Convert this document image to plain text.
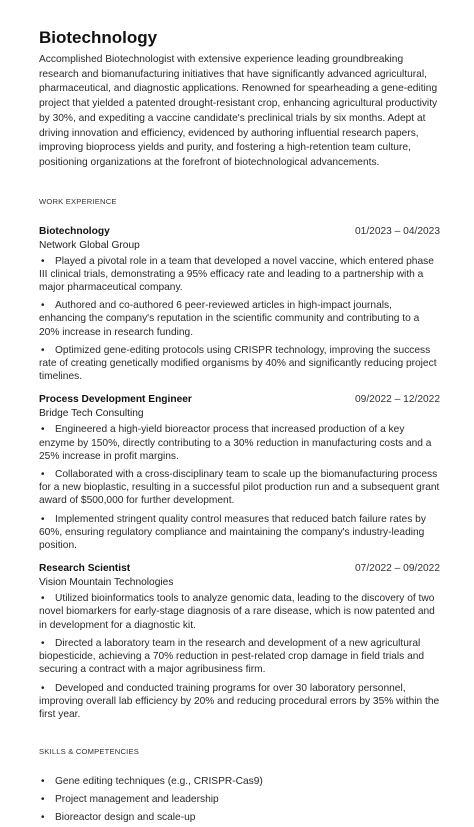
Biotechnology

Accomplished Biotechnologist with extensive experience leading groundbreaking research and biomanufacturing initiatives that have significantly advanced agricultural, pharmaceutical, and diagnostic applications. Renowned for spearheading a gene-editing project that yielded a patented drought-resistant crop, enhancing agricultural productivity by 30%, and expediting a vaccine candidate's preclinical trials by six months. Adept at driving innovation and efficiency, evidenced by authoring influential research papers, improving bioprocess yields and purity, and fostering a high-retention team culture, positioning organizations at the forefront of biotechnological advancements.

WORK EXPERIENCE
Biotechnology	01/2023 – 04/2023
Network Global Group
• Played a pivotal role in a team that developed a novel vaccine, which entered phase III clinical trials, demonstrating a 95% efficacy rate and leading to a partnership with a major pharmaceutical company.
• Authored and co-authored 6 peer-reviewed articles in high-impact journals, enhancing the company's reputation in the scientific community and contributing to a 20% increase in research funding.
• Optimized gene-editing protocols using CRISPR technology, improving the success rate of creating genetically modified organisms by 40% and significantly reducing project timelines.
Process Development Engineer	09/2022 – 12/2022
Bridge Tech Consulting
• Engineered a high-yield bioreactor process that increased production of a key enzyme by 150%, directly contributing to a 30% reduction in manufacturing costs and a 25% increase in profit margins.
• Collaborated with a cross-disciplinary team to scale up the biomanufacturing process for a new bioplastic, resulting in a successful pilot production run and a subsequent grant award of $500,000 for further development.
• Implemented stringent quality control measures that reduced batch failure rates by 60%, ensuring regulatory compliance and maintaining the company's industry-leading position.
Research Scientist	07/2022 – 09/2022
Vision Mountain Technologies
• Utilized bioinformatics tools to analyze genomic data, leading to the discovery of two novel biomarkers for early-stage diagnosis of a rare disease, which is now patented and in development for a diagnostic kit.
• Directed a laboratory team in the research and development of a new agricultural biopesticide, achieving a 70% reduction in pest-related crop damage in field trials and securing a contract with a major agribusiness firm.
• Developed and conducted training programs for over 30 laboratory personnel, improving overall lab efficiency by 20% and reducing procedural errors by 35% within the first year.
SKILLS & COMPETENCIES
• Gene editing techniques (e.g., CRISPR-Cas9)
• Project management and leadership
• Bioreactor design and scale-up
